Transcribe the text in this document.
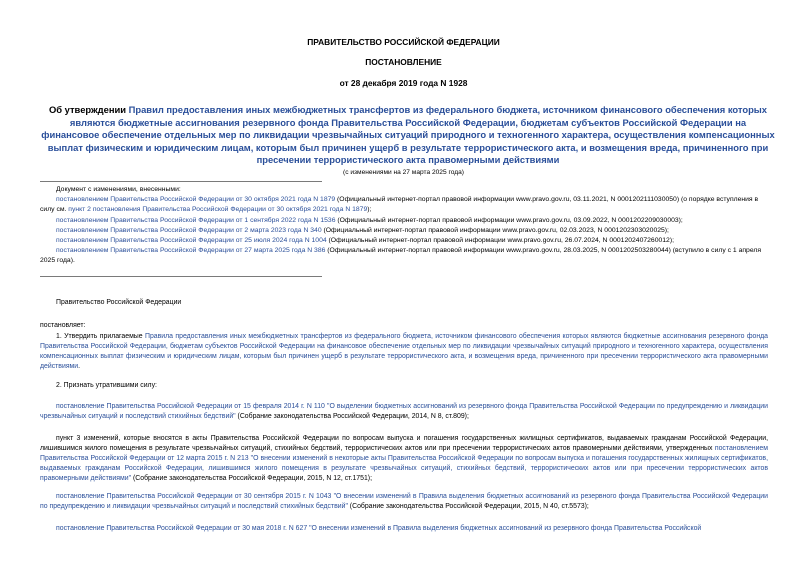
ПРАВИТЕЛЬСТВО РОССИЙСКОЙ ФЕДЕРАЦИИ
ПОСТАНОВЛЕНИЕ
от 28 декабря 2019 года N 1928
Об утверждении Правил предоставления иных межбюджетных трансфертов из федерального бюджета, источником финансового обеспечения которых являются бюджетные ассигнования резервного фонда Правительства Российской Федерации, бюджетам субъектов Российской Федерации на финансовое обеспечение отдельных мер по ликвидации чрезвычайных ситуаций природного и техногенного характера, осуществления компенсационных выплат физическим и юридическим лицам, которым был причинен ущерб в результате террористического акта, и возмещения вреда, причиненного при пресечении террористического акта правомерными действиями
(с изменениями на 27 марта 2025 года)

Документ с изменениями, внесенными:

постановлением Правительства Российской Федерации от 30 октября 2021 года N 1879 (Официальный интернет-портал правовой информации www.pravo.gov.ru, 03.11.2021, N 0001202111030050) (о порядке вступления в силу см. пункт 2 постановления Правительства Российской Федерации от 30 октября 2021 года N 1879);

постановлением Правительства Российской Федерации от 1 сентября 2022 года N 1536 (Официальный интернет-портал правовой информации www.pravo.gov.ru, 03.09.2022, N 0001202209030003);

постановлением Правительства Российской Федерации от 2 марта 2023 года N 340 (Официальный интернет-портал правовой информации www.pravo.gov.ru, 02.03.2023, N 0001202303020025);

постановлением Правительства Российской Федерации от 25 июля 2024 года N 1004 (Официальный интернет-портал правовой информации www.pravo.gov.ru, 26.07.2024, N 0001202407260012);

постановлением Правительства Российской Федерации от 27 марта 2025 года N 386 (Официальный интернет-портал правовой информации www.pravo.gov.ru, 28.03.2025, N 0001202503280044) (вступило в силу с 1 апреля 2025 года).

Правительство Российской Федерации

постановляет:

1. Утвердить прилагаемые Правила предоставления иных межбюджетных трансфертов из федерального бюджета, источником финансового обеспечения которых являются бюджетные ассигнования резервного фонда Правительства Российской Федерации, бюджетам субъектов Российской Федерации на финансовое обеспечение отдельных мер по ликвидации чрезвычайных ситуаций природного и техногенного характера, осуществления компенсационных выплат физическим и юридическим лицам, которым был причинен ущерб в результате террористического акта, и возмещения вреда, причиненного при пресечении террористического акта правомерными действиями.

2. Признать утратившими силу:

постановление Правительства Российской Федерации от 15 февраля 2014 г. N 110 "О выделении бюджетных ассигнований из резервного фонда Правительства Российской Федерации по предупреждению и ликвидации чрезвычайных ситуаций и последствий стихийных бедствий" (Собрание законодательства Российской Федерации, 2014, N 8, ст.809);

пункт 3 изменений, которые вносятся в акты Правительства Российской Федерации по вопросам выпуска и погашения государственных жилищных сертификатов, выдаваемых гражданам Российской Федерации, лишившимся жилого помещения в результате чрезвычайных ситуаций, стихийных бедствий, террористических актов или при пресечении террористических актов правомерными действиями, утвержденных постановлением Правительства Российской Федерации от 12 марта 2015 г. N 213 "О внесении изменений в некоторые акты Правительства Российской Федерации по вопросам выпуска и погашения государственных жилищных сертификатов, выдаваемых гражданам Российской Федерации, лишившимся жилого помещения в результате чрезвычайных ситуаций, стихийных бедствий, террористических актов или при пресечении террористических актов правомерными действиями" (Собрание законодательства Российской Федерации, 2015, N 12, ст.1751);

постановление Правительства Российской Федерации от 30 сентября 2015 г. N 1043 "О внесении изменений в Правила выделения бюджетных ассигнований из резервного фонда Правительства Российской Федерации по предупреждению и ликвидации чрезвычайных ситуаций и последствий стихийных бедствий" (Собрание законодательства Российской Федерации, 2015, N 40, ст.5573);

постановление Правительства Российской Федерации от 30 мая 2018 г. N 627 "О внесении изменений в Правила выделения бюджетных ассигнований из резервного фонда Правительства Российской
